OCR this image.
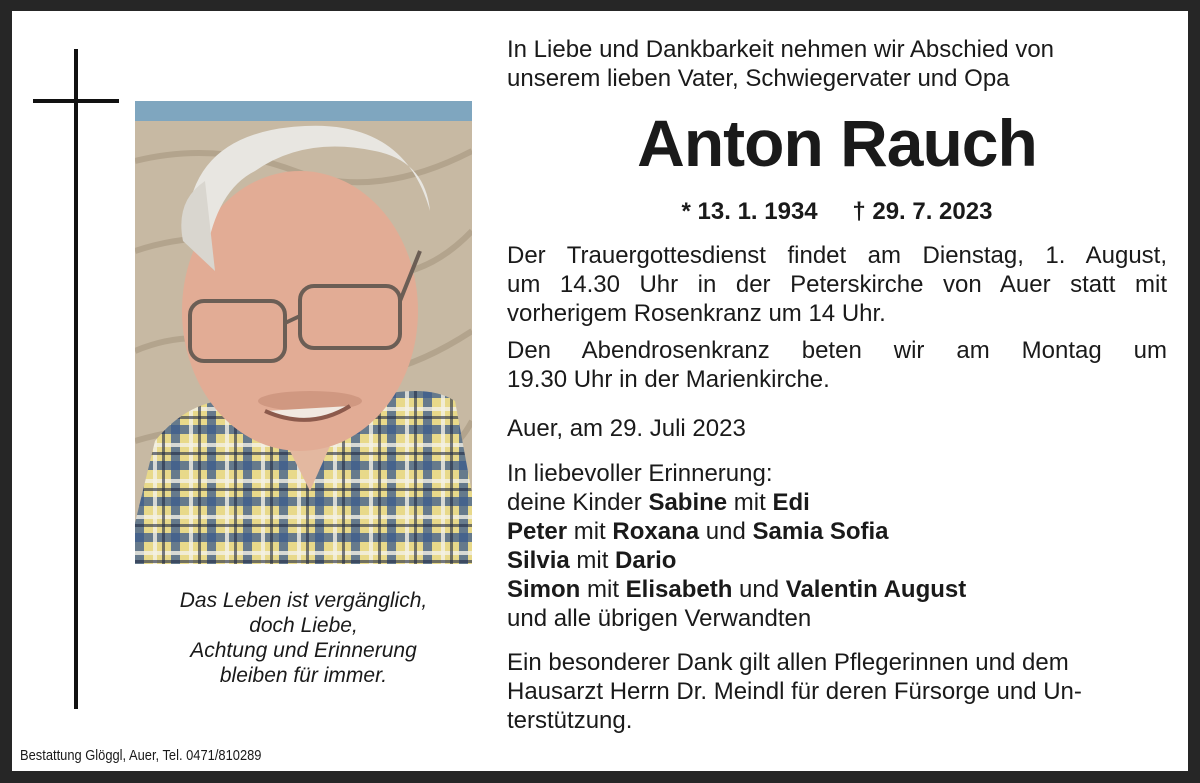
Das Leben ist vergänglich,
doch Liebe,
Achtung und Erinnerung
bleiben für immer.
Bestattung Glöggl, Auer, Tel. 0471/810289
In Liebe und Dankbarkeit nehmen wir Abschied von
unserem lieben Vater, Schwiegervater und Opa
Anton Rauch
* 13. 1. 1934 † 29. 7. 2023
Der Trauergottesdienst findet am Dienstag, 1. August,
um 14.30 Uhr in der Peterskirche von Auer statt mit
vorherigem Rosenkranz um 14 Uhr.
Den Abendrosenkranz beten wir am Montag um
19.30 Uhr in der Marienkirche.
Auer, am 29. Juli 2023
In liebevoller Erinnerung:
deine Kinder Sabine mit Edi
Peter mit Roxana und Samia Sofia
Silvia mit Dario
Simon mit Elisabeth und Valentin August
und alle übrigen Verwandten
Ein besonderer Dank gilt allen Pflegerinnen und dem
Hausarzt Herrn Dr. Meindl für deren Fürsorge und Un-
terstützung.
